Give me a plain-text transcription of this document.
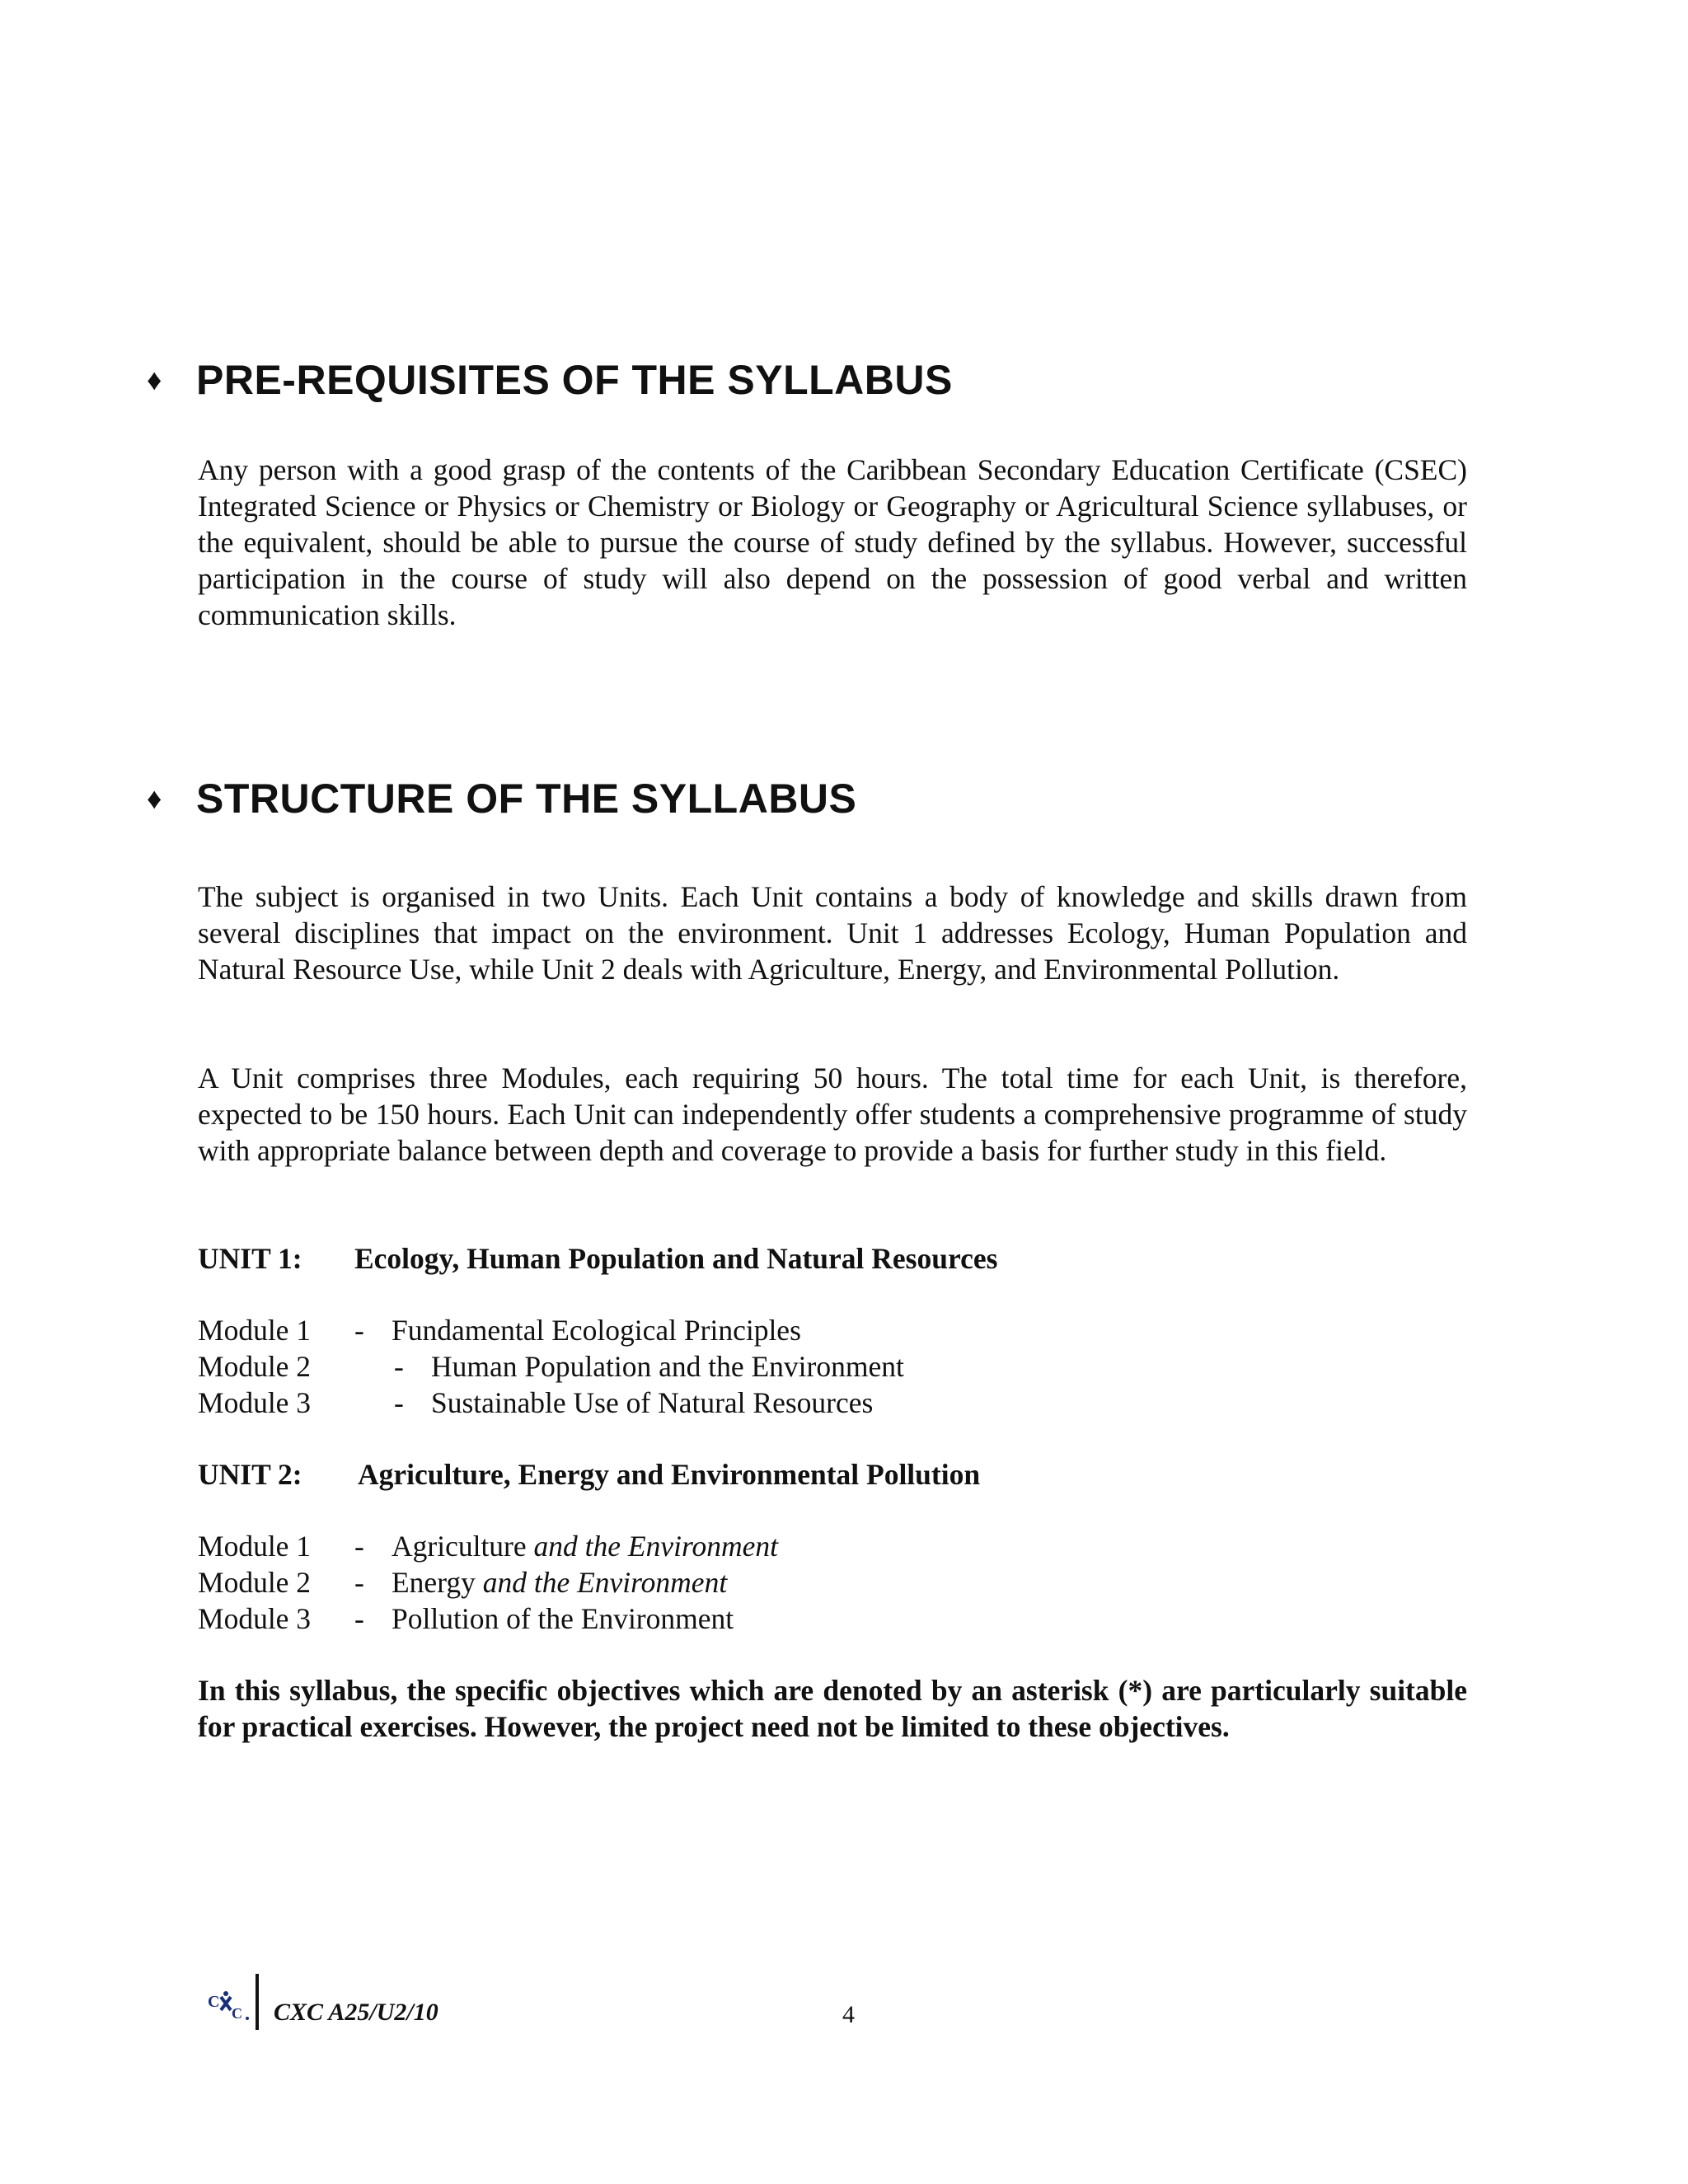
♦ PRE-REQUISITES OF THE SYLLABUS

Any person with a good grasp of the contents of the Caribbean Secondary Education Certificate (CSEC) Integrated Science or Physics or Chemistry or Biology or Geography or Agricultural Science syllabuses, or the equivalent, should be able to pursue the course of study defined by the syllabus. However, successful participation in the course of study will also depend on the possession of good verbal and written communication skills.

♦ STRUCTURE OF THE SYLLABUS

The subject is organised in two Units. Each Unit contains a body of knowledge and skills drawn from several disciplines that impact on the environment. Unit 1 addresses Ecology, Human Population and Natural Resource Use, while Unit 2 deals with Agriculture, Energy, and Environmental Pollution.

A Unit comprises three Modules, each requiring 50 hours. The total time for each Unit, is therefore, expected to be 150 hours. Each Unit can independently offer students a comprehensive programme of study with appropriate balance between depth and coverage to provide a basis for further study in this field.

UNIT 1: Ecology, Human Population and Natural Resources
Module 1 - Fundamental Ecological Principles
Module 2	- Human Population and the Environment
Module 3	- Sustainable Use of Natural Resources
UNIT 2: Agriculture, Energy and Environmental Pollution
Module 1 - Agriculture and the Environment
Module 2 - Energy and the Environment
Module 3 - Pollution of the Environment
In this syllabus, the specific objectives which are denoted by an asterisk (*) are particularly suitable for practical exercises. However, the project need not be limited to these objectives.
C
C CXC A25/U2/10	4
